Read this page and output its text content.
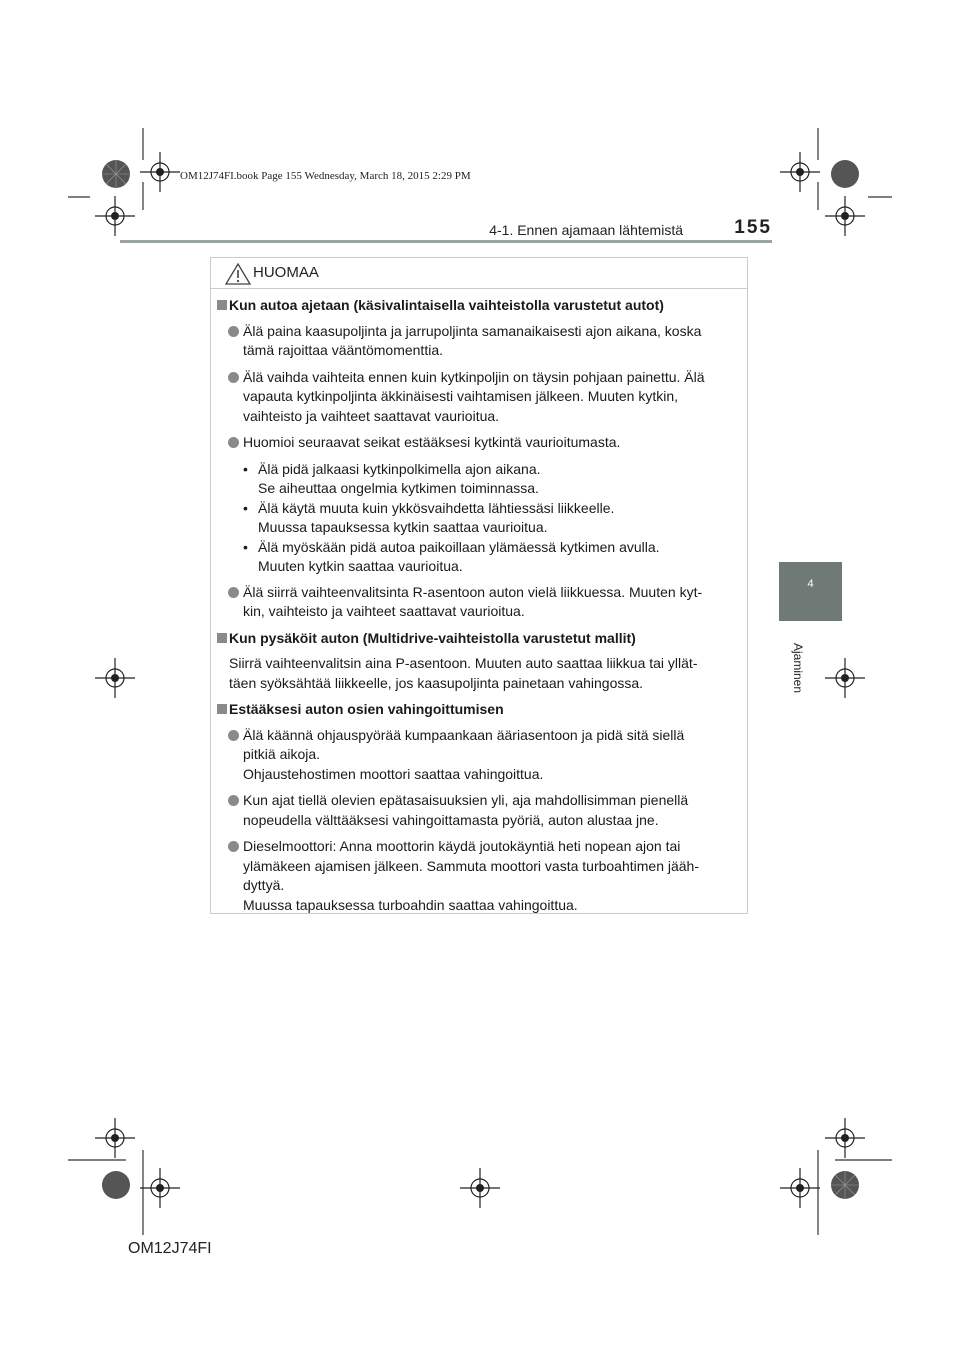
OM12J74FI.book Page 155 Wednesday, March 18, 2015 2:29 PM
4-1. Ennen ajamaan lähtemistä	155
4
Ajaminen
HUOMAA
Kun autoa ajetaan (käsivalintaisella vaihteistolla varustetut autot)
Älä paina kaasupoljinta ja jarrupoljinta samanaikaisesti ajon aikana, koska
tämä rajoittaa vääntömomenttia.
Älä vaihda vaihteita ennen kuin kytkinpoljin on täysin pohjaan painettu. Älä
vapauta kytkinpoljinta äkkinäisesti vaihtamisen jälkeen. Muuten kytkin,
vaihteisto ja vaihteet saattavat vaurioitua.
Huomioi seuraavat seikat estääksesi kytkintä vaurioitumasta.
• Älä pidä jalkaasi kytkinpolkimella ajon aikana.
Se aiheuttaa ongelmia kytkimen toiminnassa.
• Älä käytä muuta kuin ykkösvaihdetta lähtiessäsi liikkeelle.
Muussa tapauksessa kytkin saattaa vaurioitua.
• Älä myöskään pidä autoa paikoillaan ylämäessä kytkimen avulla.
Muuten kytkin saattaa vaurioitua.
Älä siirrä vaihteenvalitsinta R-asentoon auton vielä liikkuessa. Muuten kyt-
kin, vaihteisto ja vaihteet saattavat vaurioitua.
Kun pysäköit auton (Multidrive-vaihteistolla varustetut mallit)
Siirrä vaihteenvalitsin aina P-asentoon. Muuten auto saattaa liikkua tai yllät-
täen syöksähtää liikkeelle, jos kaasupoljinta painetaan vahingossa.
Estääksesi auton osien vahingoittumisen
Älä käännä ohjauspyörää kumpaankaan ääriasentoon ja pidä sitä siellä
pitkiä aikoja.
Ohjaustehostimen moottori saattaa vahingoittua.
Kun ajat tiellä olevien epätasaisuuksien yli, aja mahdollisimman pienellä
nopeudella välttääksesi vahingoittamasta pyöriä, auton alustaa jne.
Dieselmoottori: Anna moottorin käydä joutokäyntiä heti nopean ajon tai
ylämäkeen ajamisen jälkeen. Sammuta moottori vasta turboahtimen jääh-
dyttyä.
Muussa tapauksessa turboahdin saattaa vahingoittua.
OM12J74FI
